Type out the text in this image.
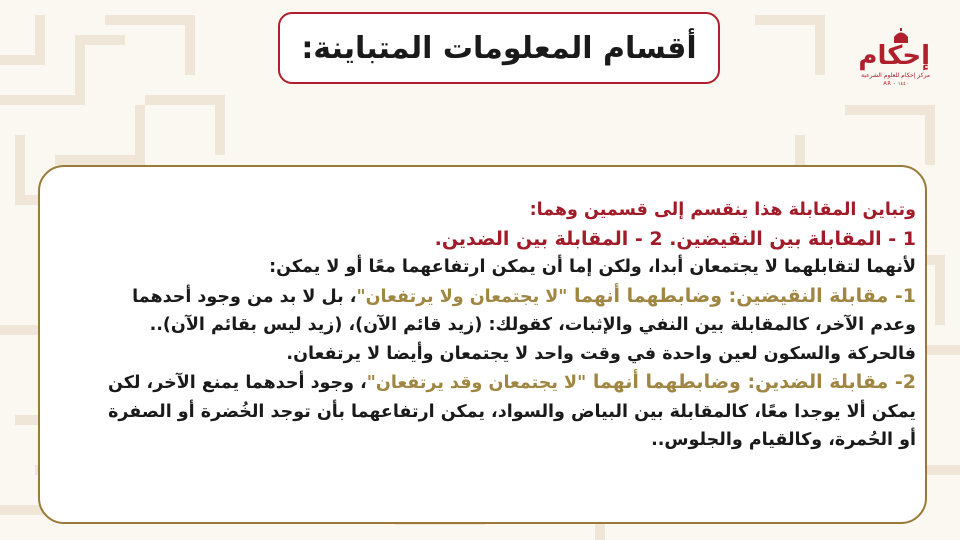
أقسام المعلومات المتباينة:	إحكام
مركز إحكام للعلوم الشرعية
AR - ١٤٤٠
وتباين المقابلة هذا ينقسم إلى قسمين وهما:
1 - المقابلة بين النقيضين. 2 - المقابلة بين الضدين.
لأنهما لتقابلهما لا يجتمعان أبدا، ولكن إما أن يمكن ارتفاعهما معًا أو لا يمكن:
1- مقابلة النقيضين: وضابطهما أنهما "لا يجتمعان ولا يرتفعان"، بل لا بد من وجود أحدهما
وعدم الآخر، كالمقابلة بين النفي والإثبات، كقولك: (زيد قائم الآن)، (زيد ليس بقائم الآن)..
فالحركة والسكون لعين واحدة في وقت واحد لا يجتمعان وأيضا لا يرتفعان.
2- مقابلة الضدين: وضابطهما أنهما "لا يجتمعان وقد يرتفعان"، وجود أحدهما يمنع الآخر، لكن
يمكن ألا يوجدا معًا، كالمقابلة بين البياض والسواد، يمكن ارتفاعهما بأن توجد الخُضرة أو الصفرة
أو الحُمرة، وكالقيام والجلوس..
